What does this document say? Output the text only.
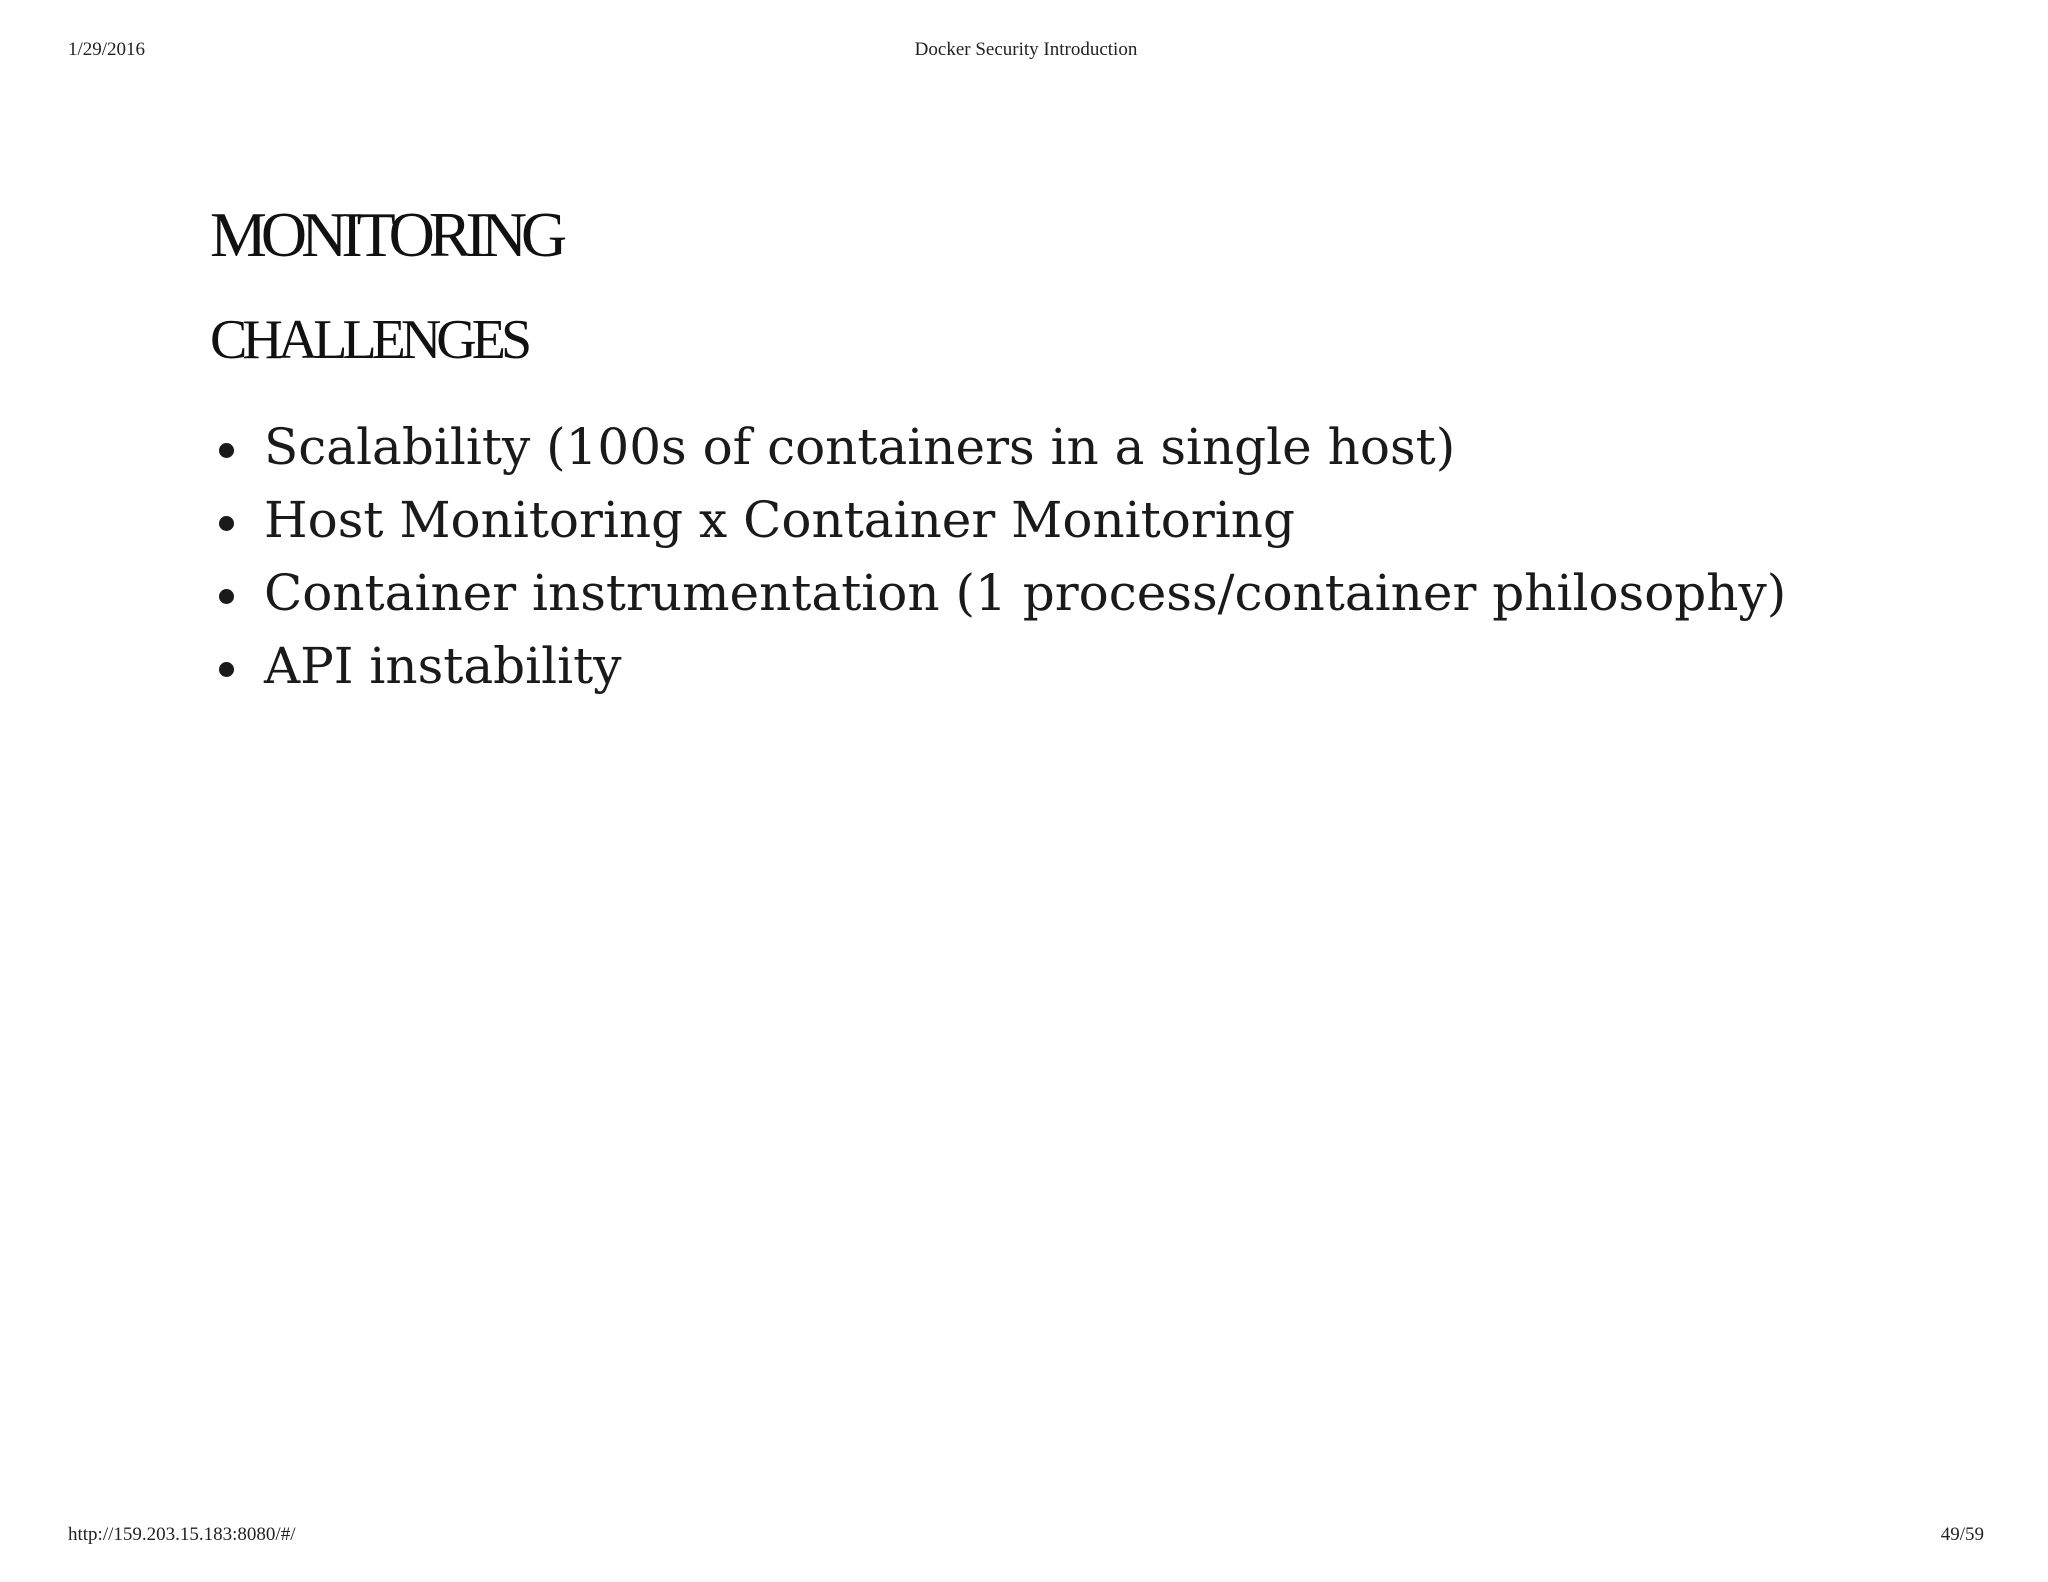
1/29/2016	Docker Security Introduction
MONITORING
CHALLENGES
Scalability (100s of containers in a single host)
Host Monitoring x Container Monitoring
Container instrumentation (1 process/container philosophy)
API instability
http://159.203.15.183:8080/#/	49/59
